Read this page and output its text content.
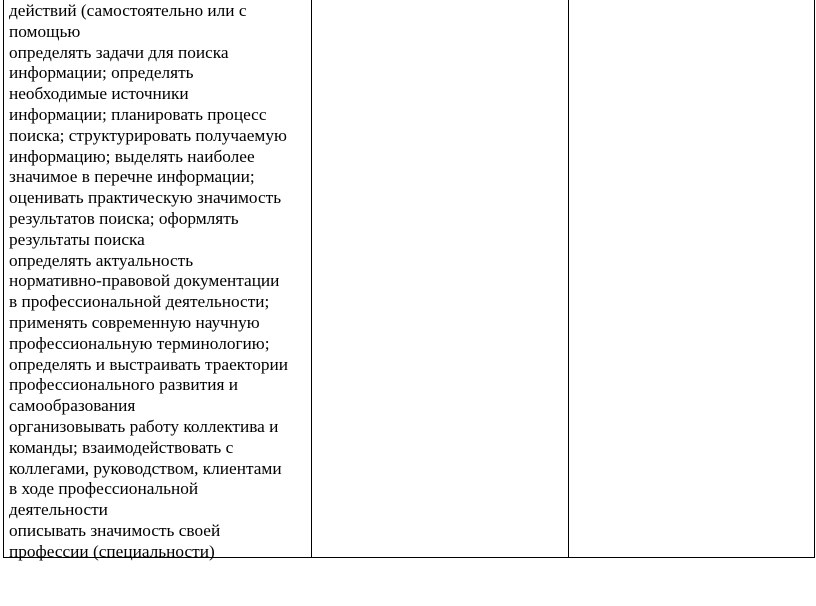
действий (самостоятельно или с
помощью
определять задачи для поиска
информации; определять
необходимые источники
информации; планировать процесс
поиска; структурировать получаемую
информацию; выделять наиболее
значимое в перечне информации;
оценивать практическую значимость
результатов поиска; оформлять
результаты поиска
определять актуальность
нормативно-правовой документации
в профессиональной деятельности;
применять современную научную
профессиональную терминологию;
определять и выстраивать траектории
профессионального развития и
самообразования
организовывать работу коллектива и
команды; взаимодействовать с
коллегами, руководством, клиентами
в ходе профессиональной
деятельности
описывать значимость своей
профессии (специальности)
